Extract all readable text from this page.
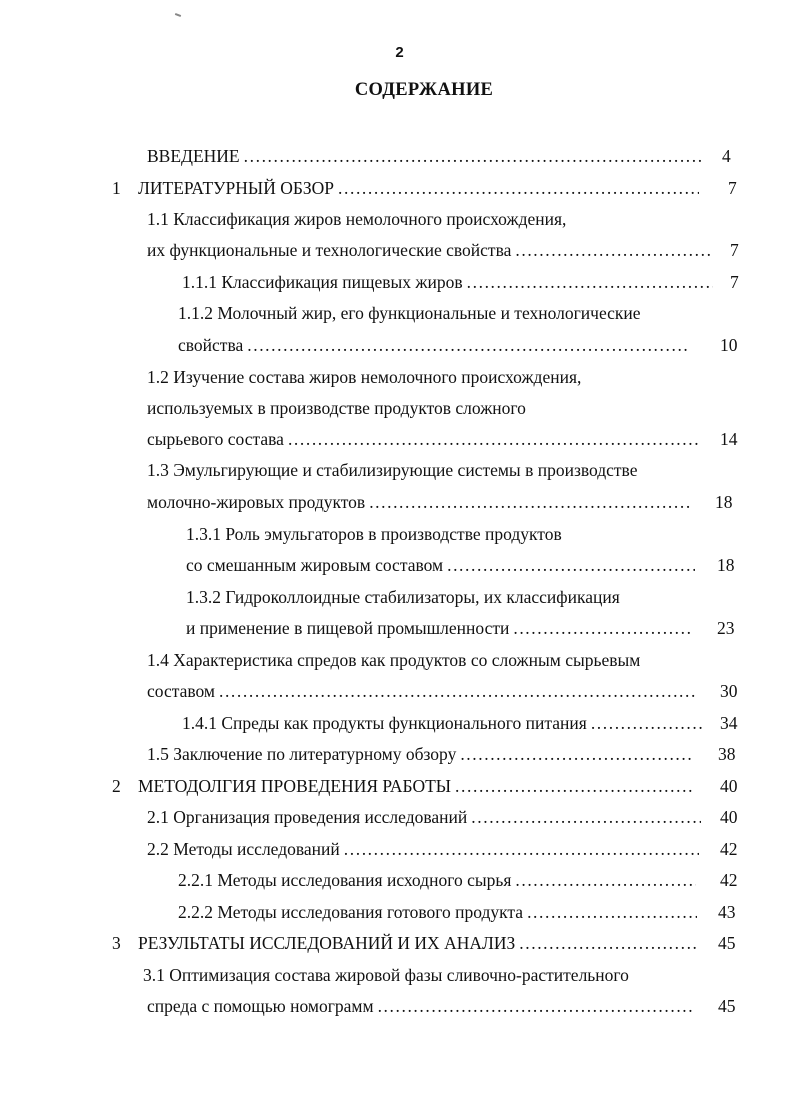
2
СОДЕРЖАНИЕ
ВВЕДЕНИЕ .....	4
1 ЛИТЕРАТУРНЫЙ ОБЗОР .....	7
1.1 Классификация жиров немолочного происхождения,
их функциональные и технологические свойства .....	7
1.1.1 Классификация пищевых жиров .....	7
1.1.2 Молочный жир, его функциональные и технологические
свойства .....	10
1.2 Изучение состава жиров немолочного происхождения,
используемых в производстве продуктов сложного
сырьевого состава .....	14
1.3 Эмульгирующие и стабилизирующие системы в производстве
молочно-жировых продуктов .....	18
1.3.1 Роль эмульгаторов в производстве продуктов
со смешанным жировым составом .....	18
1.3.2 Гидроколлоидные стабилизаторы, их классификация
и применение в пищевой промышленности .....	23
1.4 Характеристика спредов как продуктов со сложным сырьевым
составом .....	30
1.4.1 Спреды как продукты функционального питания .....	34
1.5 Заключение по литературному обзору .....	38
2 МЕТОДОЛГИЯ ПРОВЕДЕНИЯ РАБОТЫ .....	40
2.1 Организация проведения исследований .....	40
2.2 Методы исследований .....	42
2.2.1 Методы исследования исходного сырья .....	42
2.2.2 Методы исследования готового продукта .....	43
3 РЕЗУЛЬТАТЫ ИССЛЕДОВАНИЙ И ИХ АНАЛИЗ .....	45
3.1 Оптимизация состава жировой фазы сливочно-растительного
спреда с помощью номограмм .....	45
